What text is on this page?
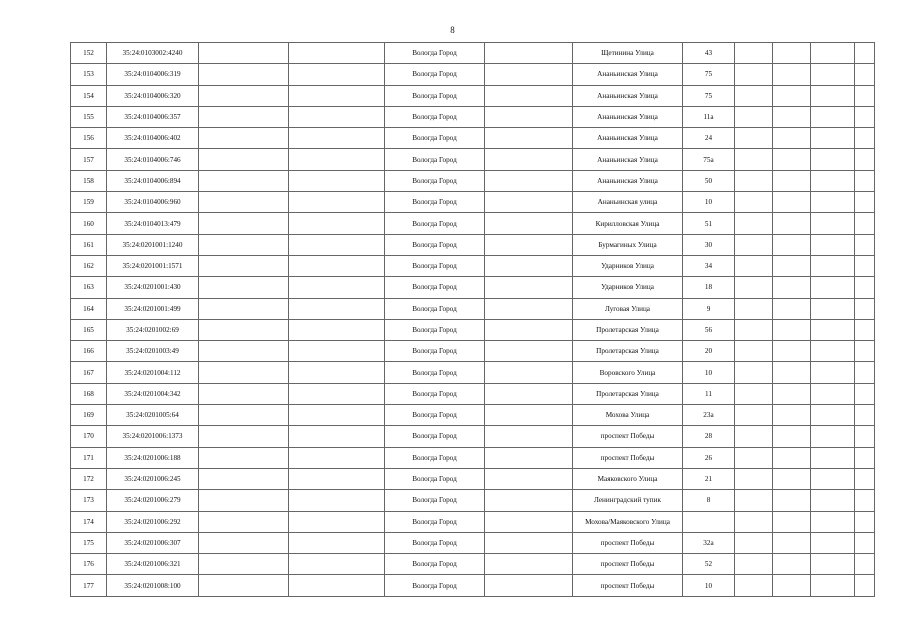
8
152	35:24:0103002:4240			Вологда Город		Щетинина Улица	43				
153	35:24:0104006:319			Вологда Город		Ананьинская Улица	75				
154	35:24:0104006:320			Вологда Город		Ананьинская Улица	75				
155	35:24:0104006:357			Вологда Город		Ананьинская Улица	11а				
156	35:24:0104006:402			Вологда Город		Ананьинская Улица	24				
157	35:24:0104006:746			Вологда Город		Ананьинская Улица	75а				
158	35:24:0104006:894			Вологда Город		Ананьинская Улица	50				
159	35:24:0104006:960			Вологда Город		Ананьинская улица	10				
160	35:24:0104013:479			Вологда Город		Кирилловская Улица	51				
161	35:24:0201001:1240			Вологда Город		Бурмагиных Улица	30				
162	35:24:0201001:1571			Вологда Город		Ударников Улица	34				
163	35:24:0201001:430			Вологда Город		Ударников Улица	18				
164	35:24:0201001:499			Вологда Город		Луговая Улица	9				
165	35:24:0201002:69			Вологда Город		Пролетарская Улица	56				
166	35:24:0201003:49			Вологда Город		Пролетарская Улица	20				
167	35:24:0201004:112			Вологда Город		Воровского Улица	10				
168	35:24:0201004:342			Вологда Город		Пролетарская Улица	11				
169	35:24:0201005:64			Вологда Город		Мохова Улица	23а				
170	35:24:0201006:1373			Вологда Город		проспект Победы	28				
171	35:24:0201006:188			Вологда Город		проспект Победы	26				
172	35:24:0201006:245			Вологда Город		Маяковского Улица	21				
173	35:24:0201006:279			Вологда Город		Ленинградский тупик	8				
174	35:24:0201006:292			Вологда Город		Мохова/Маяковского Улица					
175	35:24:0201006:307			Вологда Город		проспект Победы	32а				
176	35:24:0201006:321			Вологда Город		проспект Победы	52				
177	35:24:0201008:100			Вологда Город		проспект Победы	10				
